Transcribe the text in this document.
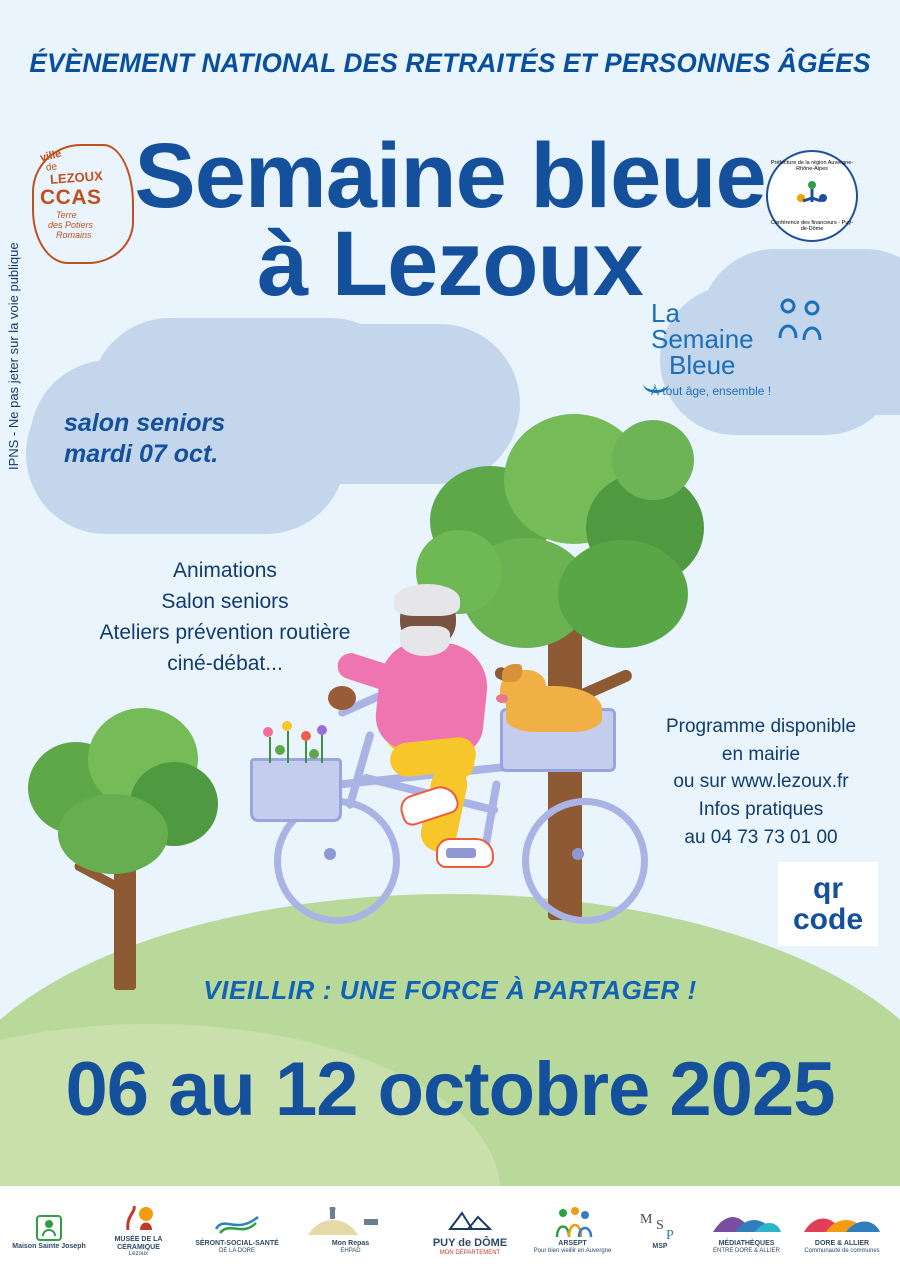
ÉVÈNEMENT NATIONAL DES RETRAITÉS ET PERSONNES ÂGÉES
ville
de
LEZOUX
CCAS
Terre
des Potiers
Romains
Préfecture de la région Auvergne-Rhône-Alpes
Conférence des financeurs - Puy-de-Dôme
Semaine bleue
à Lezoux La
Semaine
Bleue
À tout âge, ensemble !
salon seniors
mardi 07 oct.
IPNS - Ne pas jeter sur la voie publique
Animations
Salon seniors
Ateliers prévention routière
ciné-débat...
Programme disponible
en mairie
ou sur www.lezoux.fr
Infos pratiques
au 04 73 73 01 00
qr
code
VIEILLIR : UNE FORCE À PARTAGER !
06 au 12 octobre 2025
Maison Sainte Joseph
MUSÉE DE LA CÉRAMIQUE
Lezoux
SÉRONT-SOCIAL-SANTÉ
DE LA DORE
Mon Repas
EHPAD
PUY de DÔME
MON DÉPARTEMENT
ARSEPT
Pour bien vieillir en Auvergne
M S
P
MSP	MÉDIATHÈQUES
ENTRE DORE & ALLIER
DORE & ALLIER
Communauté de communes
